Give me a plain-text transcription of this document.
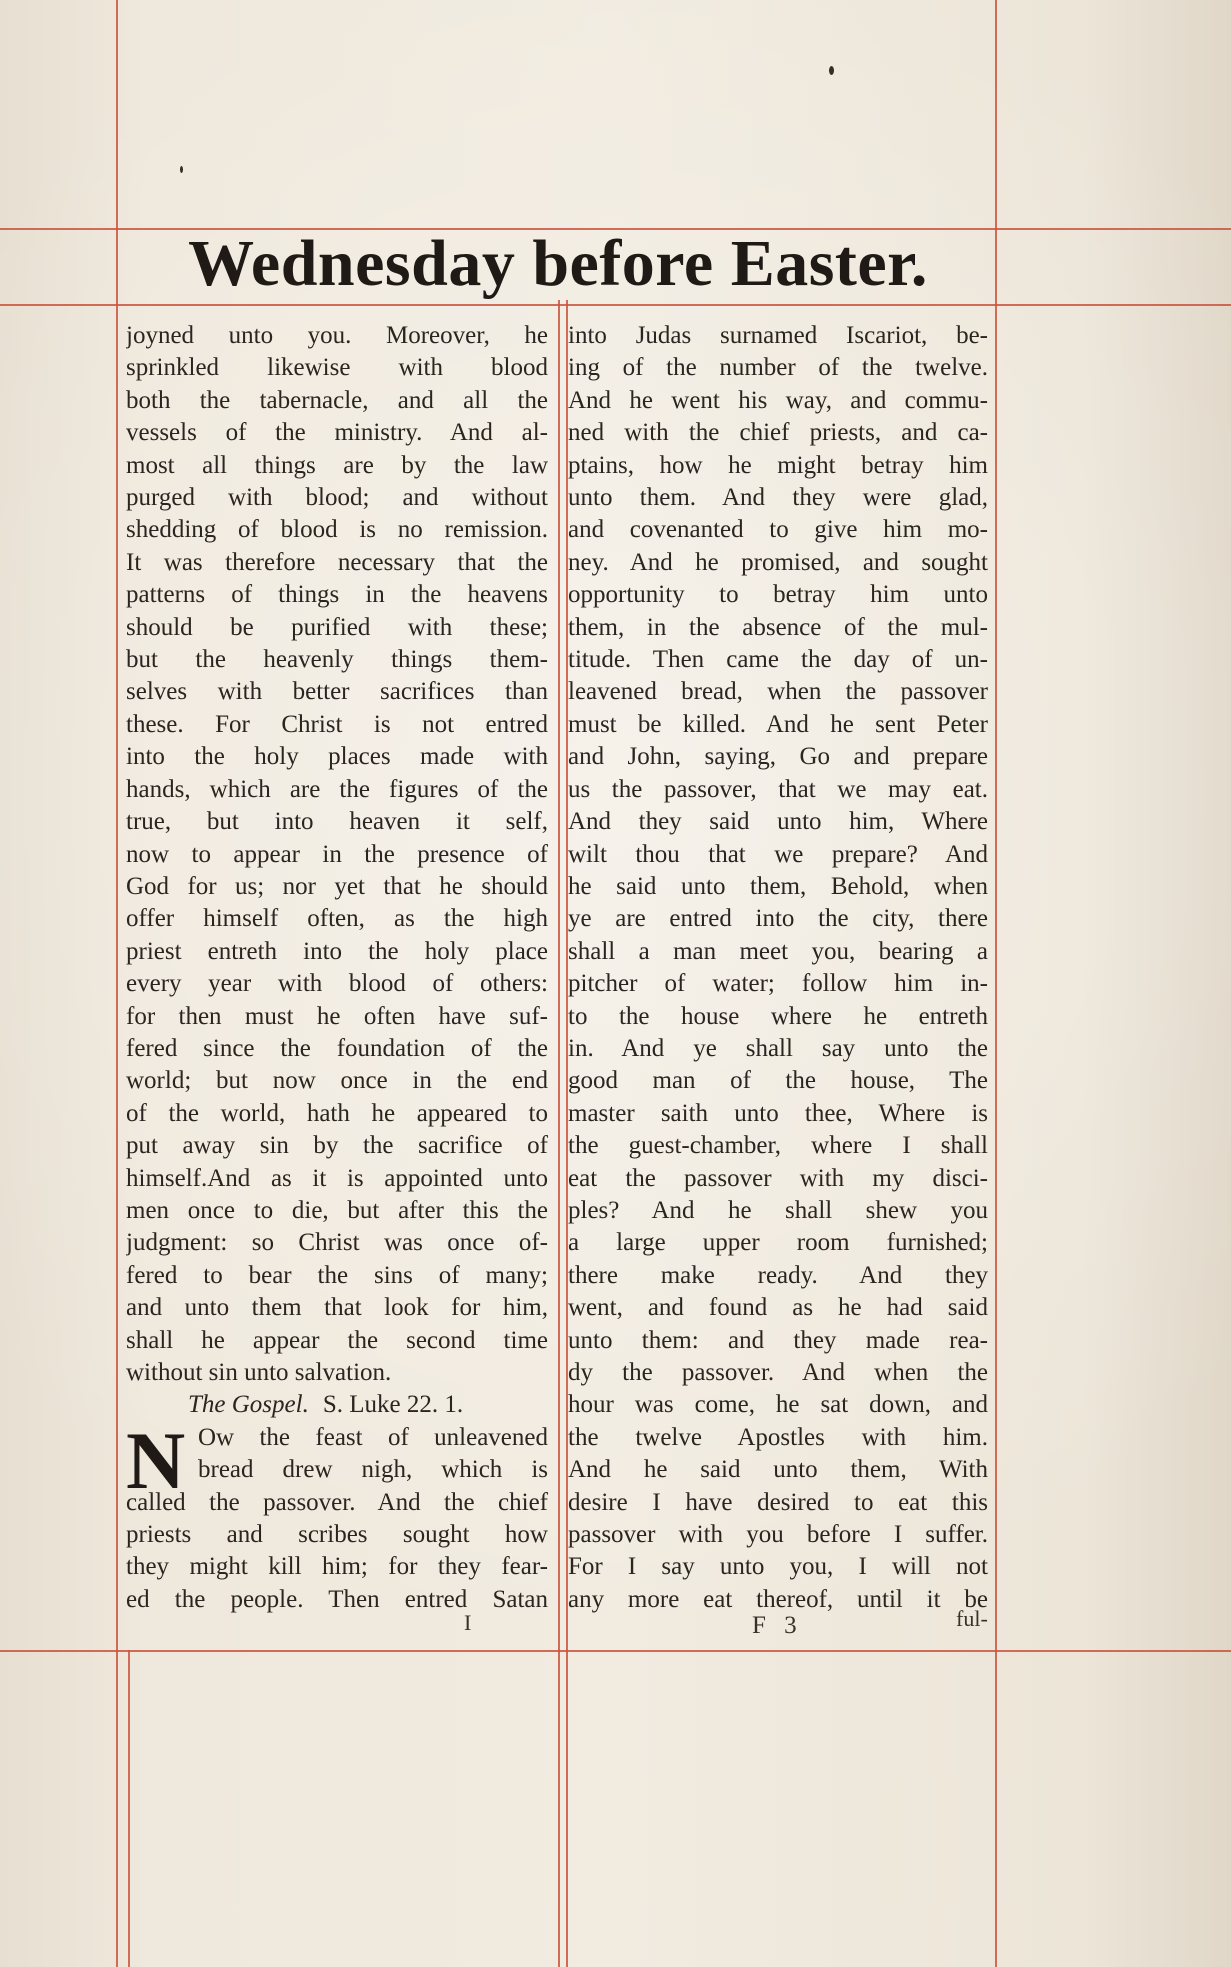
Wednesday before Easter.
joyned unto you. Moreover, he
sprinkled likewise with blood
both the tabernacle, and all the
vessels of the ministry. And al-
most all things are by the law
purged with blood; and without
shedding of blood is no remission.
It was therefore necessary that the
patterns of things in the heavens
should be purified with these;
but the heavenly things them-
selves with better sacrifices than
these. For Christ is not entred
into the holy places made with
hands, which are the figures of the
true, but into heaven it self,
now to appear in the presence of
God for us; nor yet that he should
offer himself often, as the high
priest entreth into the holy place
every year with blood of others:
for then must he often have suf-
fered since the foundation of the
world; but now once in the end
of the world, hath he appeared to
put away sin by the sacrifice of
himself.And as it is appointed unto
men once to die, but after this the
judgment: so Christ was once of-
fered to bear the sins of many;
and unto them that look for him,
shall he appear the second time
without sin unto salvation.
The Gospel. S. Luke 22. 1.
N Ow the feast of unleavened
bread drew nigh, which is
called the passover. And the chief
priests and scribes sought how
they might kill him; for they fear-
ed the people. Then entred Satan
into Judas surnamed Iscariot, be-
ing of the number of the twelve.
And he went his way, and commu-
ned with the chief priests, and ca-
ptains, how he might betray him
unto them. And they were glad,
and covenanted to give him mo-
ney. And he promised, and sought
opportunity to betray him unto
them, in the absence of the mul-
titude. Then came the day of un-
leavened bread, when the passover
must be killed. And he sent Peter
and John, saying, Go and prepare
us the passover, that we may eat.
And they said unto him, Where
wilt thou that we prepare? And
he said unto them, Behold, when
ye are entred into the city, there
shall a man meet you, bearing a
pitcher of water; follow him in-
to the house where he entreth
in. And ye shall say unto the
good man of the house, The
master saith unto thee, Where is
the guest-chamber, where I shall
eat the passover with my disci-
ples? And he shall shew you
a large upper room furnished;
there make ready. And they
went, and found as he had said
unto them: and they made rea-
dy the passover. And when the
hour was come, he sat down, and
the twelve Apostles with him.
And he said unto them, With
desire I have desired to eat this
passover with you before I suffer.
For I say unto you, I will not
any more eat thereof, until it be
I	F 3	ful-
